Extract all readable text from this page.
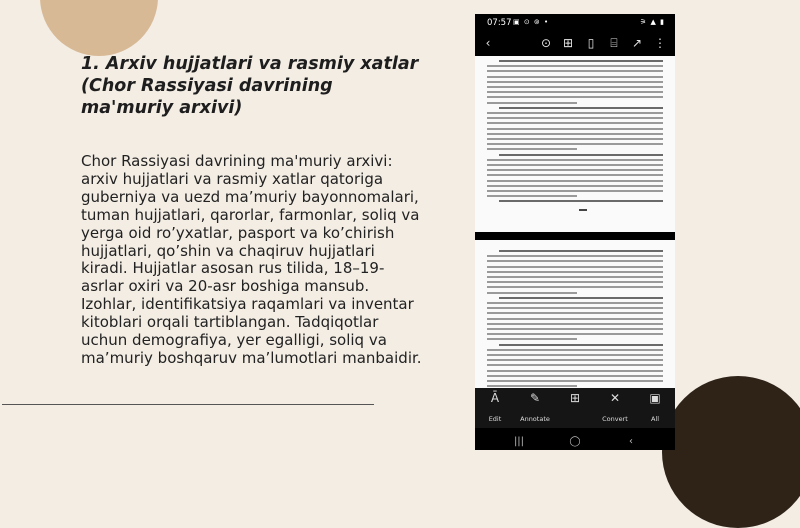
1. Arxiv hujjatlari va rasmiy xatlar (Chor Rassiyasi davrining ma'muriy arxivi)

Chor Rassiyasi davrining ma'muriy arxivi: arxiv hujjatlari va rasmiy xatlar qatoriga guberniya va uezd ma’muriy bayonnomalari, tuman hujjatlari, qarorlar, farmonlar, soliq va yerga oid ro’yxatlar, pasport va ko’chirish hujjatlari, qo’shin va chaqiruv hujjatlari kiradi. Hujjatlar asosan rus tilida, 18–19-asrlar oxiri va 20-asr boshiga mansub. Izohlar, identifikatsiya raqamlari va inventar kitoblari orqali tartiblangan. Tadqiqotlar uchun demografiya, yer egalligi, soliq va ma’muriy boshqaruv ma’lumotlari manbaidir.

07:57 ▣ ⊙ ⊚ •	⚞ ▲ ▮
‹	⊙ ⊞	▯	⌸ ↗ ⋮
Ā
Edit
✎
Annotate
⊞	✕
Convert
▣
All
|||	◯	‹
